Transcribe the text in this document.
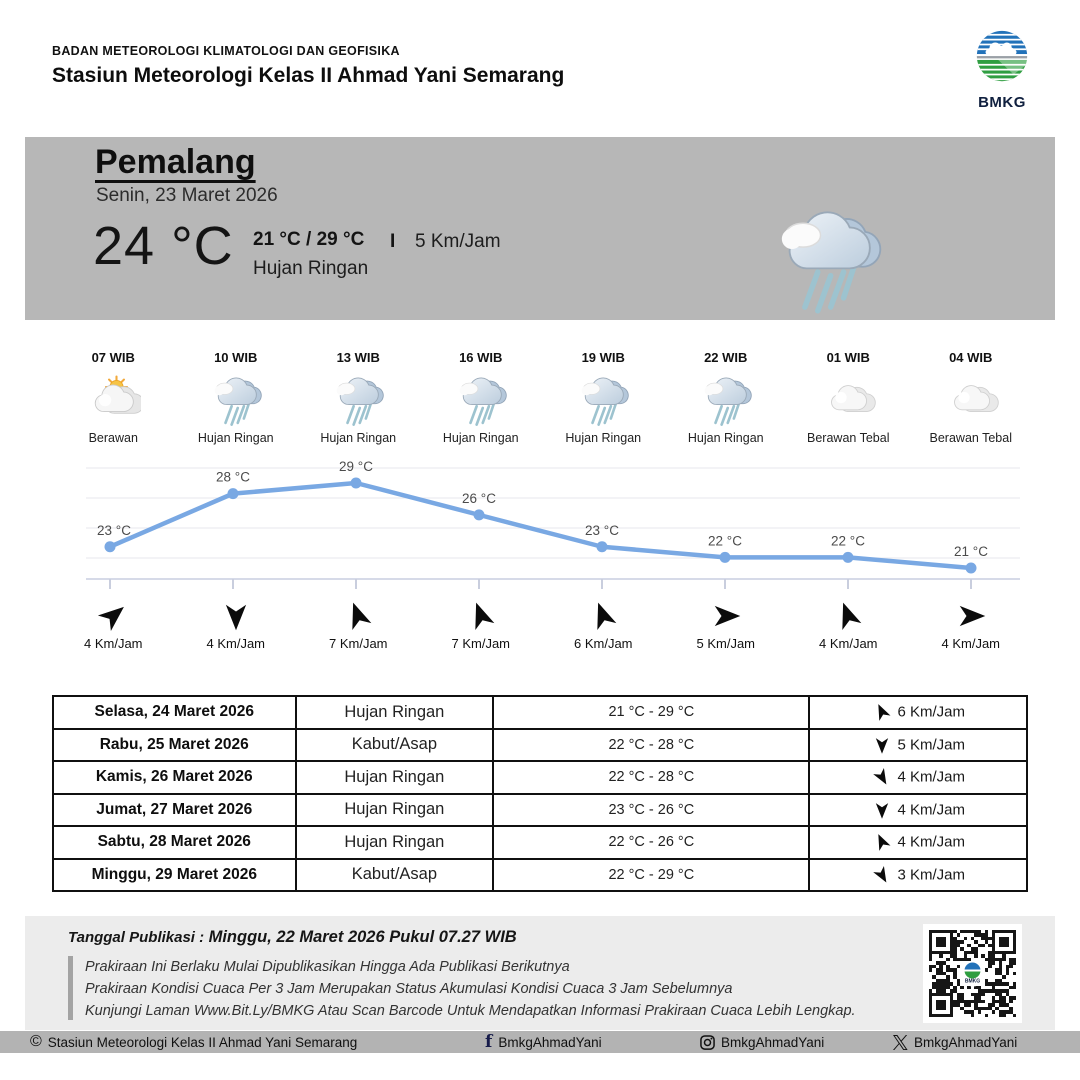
BADAN METEOROLOGI KLIMATOLOGI DAN GEOFISIKA
Stasiun Meteorologi Kelas II Ahmad Yani Semarang
BMKG
Pemalang
Senin, 23 Maret 2026
24 °C 21 °C / 29 °C
Hujan Ringan
I 5 Km/Jam
07 WIB
Berawan
10 WIB
Hujan Ringan
13 WIB
Hujan Ringan
16 WIB
Hujan Ringan
19 WIB
Hujan Ringan
22 WIB
Hujan Ringan
01 WIB
Berawan Tebal
04 WIB
Berawan Tebal
23 °C
28 °C
29 °C
26 °C
23 °C
22 °C	22 °C
21 °C
4 Km/Jam	4 Km/Jam	7 Km/Jam	7 Km/Jam	6 Km/Jam	5 Km/Jam	4 Km/Jam	4 Km/Jam
Selasa, 24 Maret 2026	Hujan Ringan	21 °C - 29 °C	6 Km/Jam
Rabu, 25 Maret 2026	Kabut/Asap	22 °C - 28 °C	5 Km/Jam
Kamis, 26 Maret 2026	Hujan Ringan	22 °C - 28 °C	4 Km/Jam
Jumat, 27 Maret 2026	Hujan Ringan	23 °C - 26 °C	4 Km/Jam
Sabtu, 28 Maret 2026	Hujan Ringan	22 °C - 26 °C	4 Km/Jam
Minggu, 29 Maret 2026	Kabut/Asap	22 °C - 29 °C	3 Km/Jam
Tanggal Publikasi : Minggu, 22 Maret 2026 Pukul 07.27 WIB
Prakiraan Ini Berlaku Mulai Dipublikasikan Hingga Ada Publikasi Berikutnya
Prakiraan Kondisi Cuaca Per 3 Jam Merupakan Status Akumulasi Kondisi Cuaca 3 Jam Sebelumnya
Kunjungi Laman Www.Bit.Ly/BMKG Atau Scan Barcode Untuk Mendapatkan Informasi Prakiraan Cuaca Lebih Lengkap.
BMKG
© Stasiun Meteorologi Kelas II Ahmad Yani Semarang	f BmkgAhmadYani	BmkgAhmadYani	BmkgAhmadYani
